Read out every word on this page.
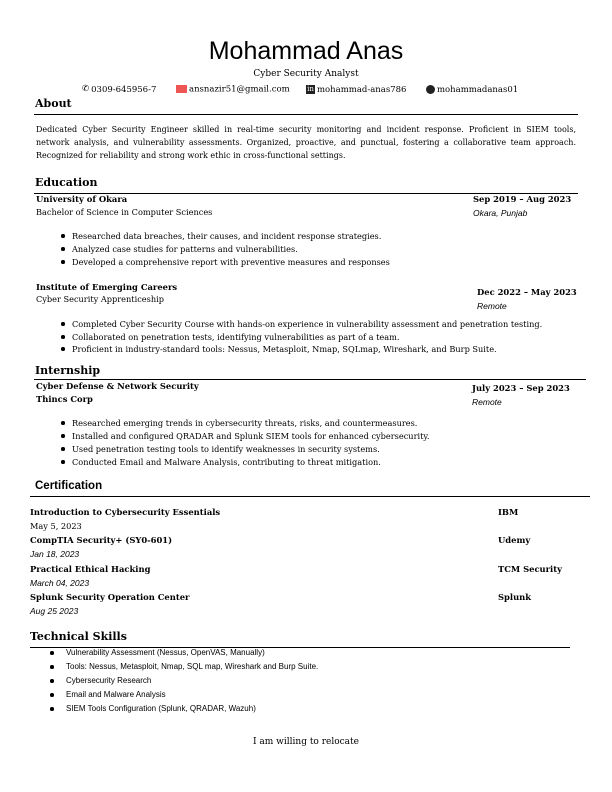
Mohammad Anas
Cyber Security Analyst
✆ 0309-645956-7	ansnazir51@gmail.com in mohammad-anas786	mohammadanas01
About
Dedicated Cyber Security Engineer skilled in real-time security monitoring and incident response. Proficient in SIEM tools,
network analysis, and vulnerability assessments. Organized, proactive, and punctual, fostering a collaborative team approach.
Recognized for reliability and strong work ethic in cross-functional settings.
Education
University of Okara
Bachelor of Science in Computer Sciences
Sep 2019 – Aug 2023
Okara, Punjab
Researched data breaches, their causes, and incident response strategies.
Analyzed case studies for patterns and vulnerabilities.
Developed a comprehensive report with preventive measures and responses
Institute of Emerging Careers
Cyber Security Apprenticeship
Dec 2022 – May 2023
Remote
Completed Cyber Security Course with hands-on experience in vulnerability assessment and penetration testing.
Collaborated on penetration tests, identifying vulnerabilities as part of a team.
Proficient in industry-standard tools: Nessus, Metasploit, Nmap, SQLmap, Wireshark, and Burp Suite.
Internship
Cyber Defense & Network Security
Thincs Corp
July 2023 – Sep 2023
Remote
Researched emerging trends in cybersecurity threats, risks, and countermeasures.
Installed and configured QRADAR and Splunk SIEM tools for enhanced cybersecurity.
Used penetration testing tools to identify weaknesses in security systems.
Conducted Email and Malware Analysis, contributing to threat mitigation.
Certification
Introduction to Cybersecurity Essentials
May 5, 2023
IBM
CompTIA Security+ (SY0-601)
Jan 18, 2023
Udemy
Practical Ethical Hacking
March 04, 2023
TCM Security
Splunk Security Operation Center
Aug 25 2023
Splunk
Technical Skills
Vulnerability Assessment (Nessus, OpenVAS, Manually)
Tools: Nessus, Metasploit, Nmap, SQL map, Wireshark and Burp Suite.
Cybersecurity Research
Email and Malware Analysis
SIEM Tools Configuration (Splunk, QRADAR, Wazuh)
I am willing to relocate
